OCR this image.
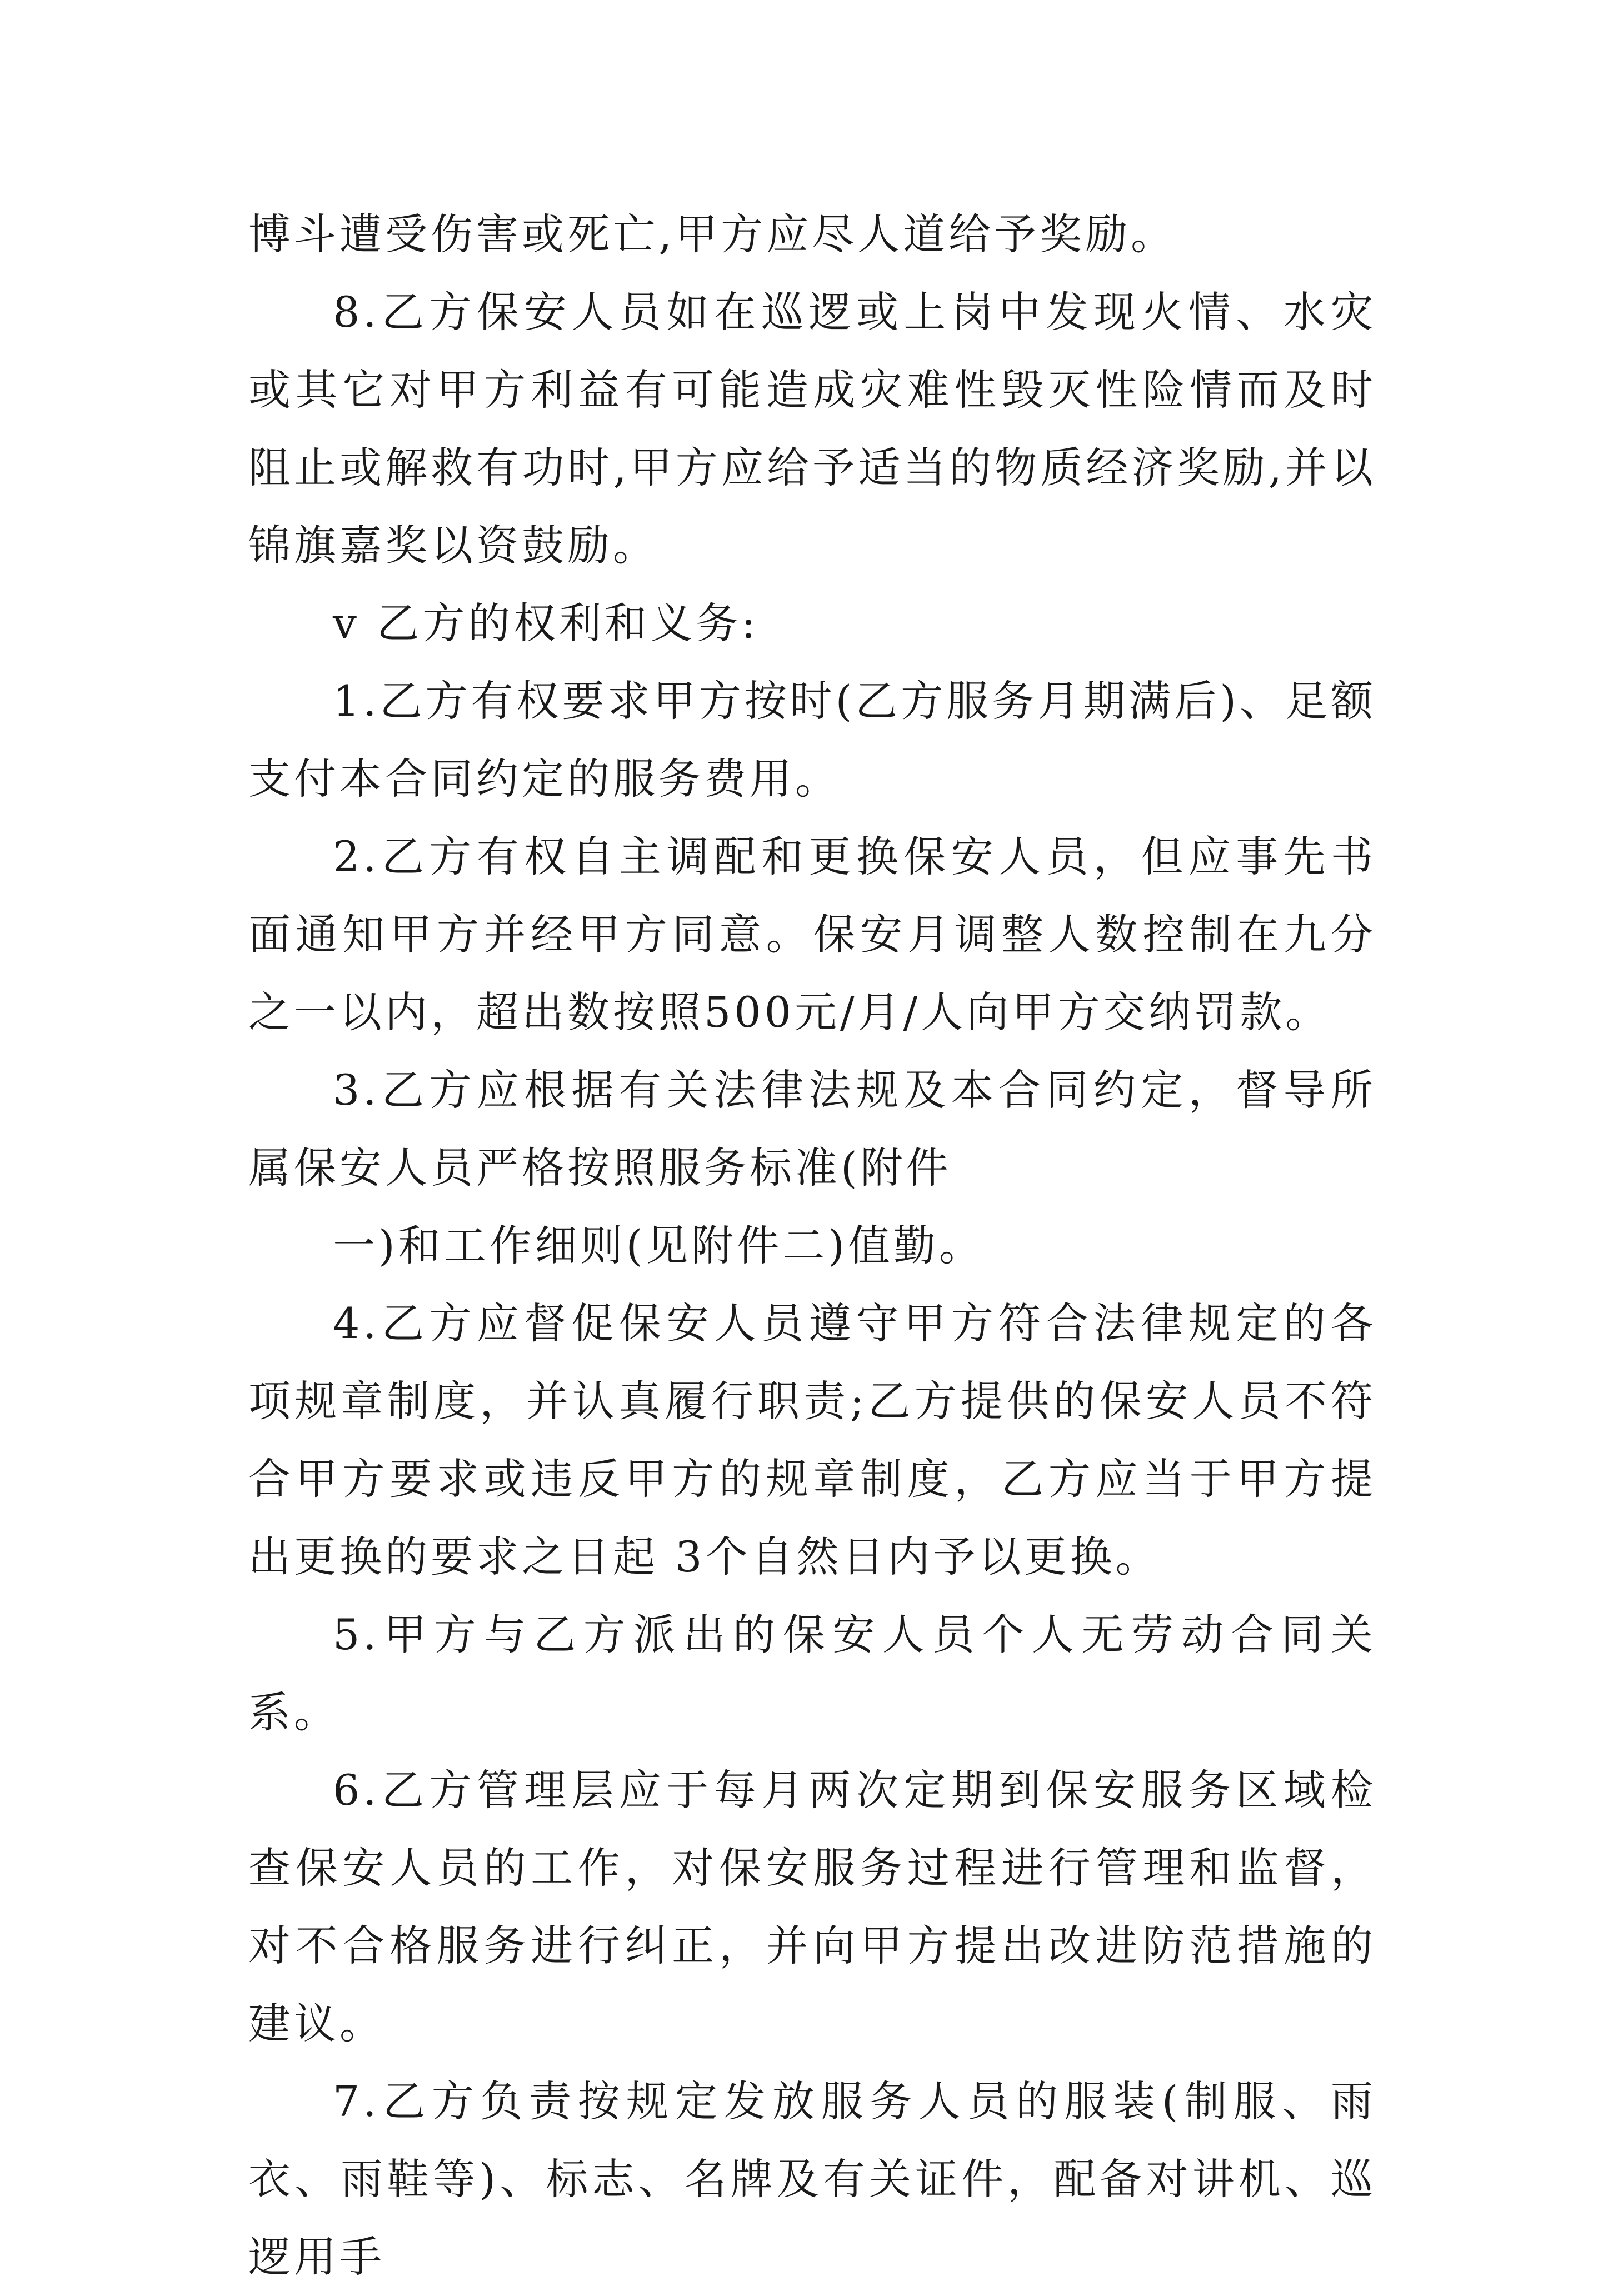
博斗遭受伤害或死亡,甲方应尽人道给予奖励。

8.乙方保安人员如在巡逻或上岗中发现火情、水灾或其它对甲方利益有可能造成灾难性毁灭性险情而及时阻止或解救有功时,甲方应给予适当的物质经济奖励,并以锦旗嘉奖以资鼓励。

v 乙方的权利和义务:

1.乙方有权要求甲方按时(乙方服务月期满后)、足额支付本合同约定的服务费用。

2.乙方有权自主调配和更换保安人员，但应事先书面通知甲方并经甲方同意。保安月调整人数控制在九分之一以内，超出数按照500元/月/人向甲方交纳罚款。

3.乙方应根据有关法律法规及本合同约定，督导所属保安人员严格按照服务标准(附件

一)和工作细则(见附件二)值勤。

4.乙方应督促保安人员遵守甲方符合法律规定的各项规章制度，并认真履行职责;乙方提供的保安人员不符合甲方要求或违反甲方的规章制度，乙方应当于甲方提出更换的要求之日起 3个自然日内予以更换。

5.甲方与乙方派出的保安人员个人无劳动合同关系。

6.乙方管理层应于每月两次定期到保安服务区域检查保安人员的工作，对保安服务过程进行管理和监督，对不合格服务进行纠正，并向甲方提出改进防范措施的建议。

7.乙方负责按规定发放服务人员的服装(制服、雨衣、雨鞋等)、标志、名牌及有关证件，配备对讲机、巡逻用手
